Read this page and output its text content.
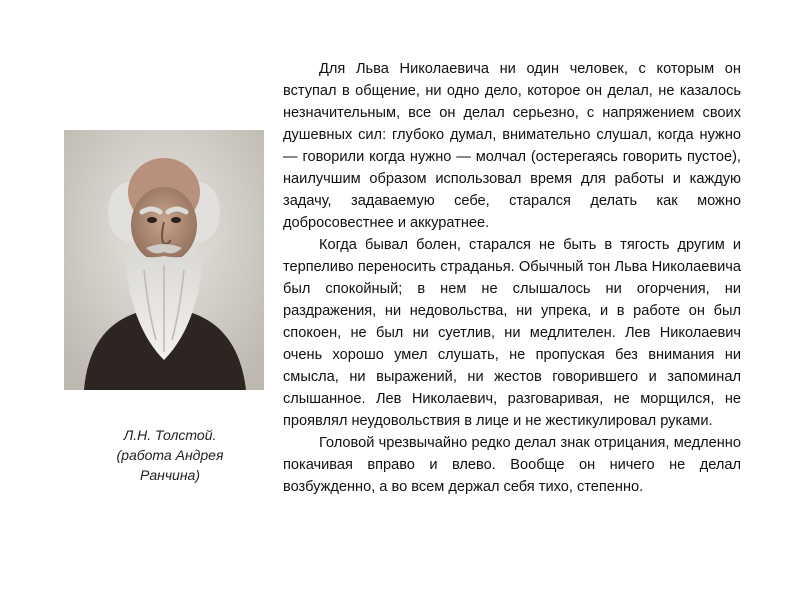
Л.Н. Толстой.
(работа Андрея
Ранчина)

Для Льва Николаевича ни один человек, с которым он вступал в общение, ни одно дело, которое он делал, не казалось незначительным, все он делал серьезно, с напряжением своих душевных сил: глубоко думал, внимательно слушал, когда нужно — говорили когда нужно — молчал (остерегаясь говорить пустое), наилучшим образом использовал время для работы и каждую задачу, задаваемую себе, старался делать как можно добросовестнее и аккуратнее.

Когда бывал болен, старался не быть в тягость другим и терпеливо переносить страданья. Обычный тон Льва Николаевича был спокойный; в нем не слышалось ни огорчения, ни раздражения, ни недовольства, ни упрека, и в работе он был спокоен, не был ни суетлив, ни медлителен. Лев Николаевич очень хорошо умел слушать, не пропуская без внимания ни смысла, ни выражений, ни жестов говорившего и запоминал слышанное. Лев Николаевич, разговаривая, не морщился, не проявлял неудовольствия в лице и не жестикулировал руками.

Головой чрезвычайно редко делал знак отрицания, медленно покачивая вправо и влево. Вообще он ничего не делал возбужденно, а во всем держал себя тихо, степенно.
